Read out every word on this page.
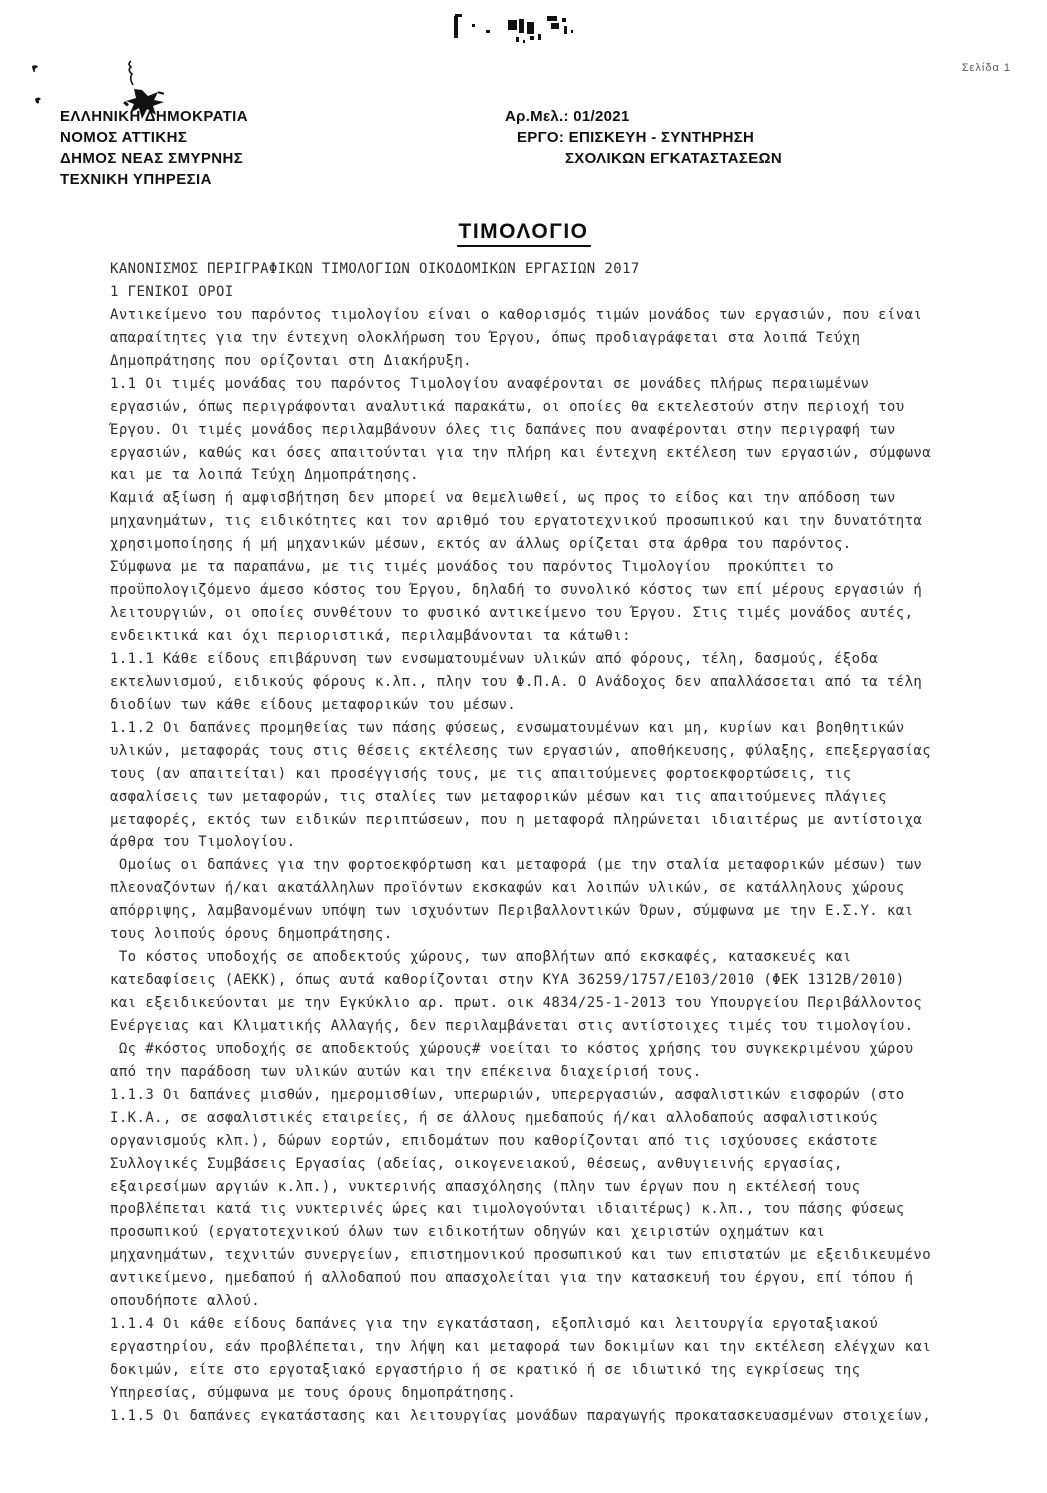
Σελίδα 1
ΕΛΛΗΝΙΚΗ ΔΗΜΟΚΡΑΤΙΑ
ΝΟΜΟΣ ΑΤΤΙΚΗΣ
ΔΗΜΟΣ ΝΕΑΣ ΣΜΥΡΝΗΣ
ΤΕΧΝΙΚΗ ΥΠΗΡΕΣΙΑ
Αρ.Μελ.: 01/2021
ΕΡΓΟ: ΕΠΙΣΚΕΥΗ - ΣΥΝΤΗΡΗΣΗ
ΣΧΟΛΙΚΩΝ ΕΓΚΑΤΑΣΤΑΣΕΩΝ
ΤΙΜΟΛΟΓΙΟ
ΚΑΝΟΝΙΣΜΟΣ ΠΕΡΙΓΡΑΦΙΚΩΝ ΤΙΜΟΛΟΓΙΩΝ ΟΙΚΟΔΟΜΙΚΩΝ ΕΡΓΑΣΙΩΝ 2017
1 ΓΕΝΙΚΟΙ ΟΡΟΙ
Αντικείμενο του παρόντος τιμολογίου είναι ο καθορισμός τιμών μονάδος των εργασιών, που είναι
απαραίτητες για την έντεχνη ολοκλήρωση του Έργου, όπως προδιαγράφεται στα λοιπά Τεύχη
Δημοπράτησης που ορίζονται στη Διακήρυξη.
1.1 Οι τιμές μονάδας του παρόντος Τιμολογίου αναφέρονται σε μονάδες πλήρως περαιωμένων
εργασιών, όπως περιγράφονται αναλυτικά παρακάτω, οι οποίες θα εκτελεστούν στην περιοχή του
Έργου. Οι τιμές μονάδος περιλαμβάνουν όλες τις δαπάνες που αναφέρονται στην περιγραφή των
εργασιών, καθώς και όσες απαιτούνται για την πλήρη και έντεχνη εκτέλεση των εργασιών, σύμφωνα
και με τα λοιπά Τεύχη Δημοπράτησης.
Καμιά αξίωση ή αμφισβήτηση δεν μπορεί να θεμελιωθεί, ως προς το είδος και την απόδοση των
μηχανημάτων, τις ειδικότητες και τον αριθμό του εργατοτεχνικού προσωπικού και την δυνατότητα
χρησιμοποίησης ή μή μηχανικών μέσων, εκτός αν άλλως ορίζεται στα άρθρα του παρόντος.
Σύμφωνα με τα παραπάνω, με τις τιμές μονάδος του παρόντος Τιμολογίου  προκύπτει το
προϋπολογιζόμενο άμεσο κόστος του Έργου, δηλαδή το συνολικό κόστος των επί μέρους εργασιών ή
λειτουργιών, οι οποίες συνθέτουν το φυσικό αντικείμενο του Έργου. Στις τιμές μονάδος αυτές,
ενδεικτικά και όχι περιοριστικά, περιλαμβάνονται τα κάτωθι:
1.1.1 Κάθε είδους επιβάρυνση των ενσωματουμένων υλικών από φόρους, τέλη, δασμούς, έξοδα
εκτελωνισμού, ειδικούς φόρους κ.λπ., πλην του Φ.Π.Α. Ο Ανάδοχος δεν απαλλάσσεται από τα τέλη
διοδίων των κάθε είδους μεταφορικών του μέσων.
1.1.2 Οι δαπάνες προμηθείας των πάσης φύσεως, ενσωματουμένων και μη, κυρίων και βοηθητικών
υλικών, μεταφοράς τους στις θέσεις εκτέλεσης των εργασιών, αποθήκευσης, φύλαξης, επεξεργασίας
τους (αν απαιτείται) και προσέγγισής τους, με τις απαιτούμενες φορτοεκφορτώσεις, τις
ασφαλίσεις των μεταφορών, τις σταλίες των μεταφορικών μέσων και τις απαιτούμενες πλάγιες
μεταφορές, εκτός των ειδικών περιπτώσεων, που η μεταφορά πληρώνεται ιδιαιτέρως με αντίστοιχα
άρθρα του Τιμολογίου.
Ομοίως οι δαπάνες για την φορτοεκφόρτωση και μεταφορά (με την σταλία μεταφορικών μέσων) των
πλεοναζόντων ή/και ακατάλληλων προϊόντων εκσκαφών και λοιπών υλικών, σε κατάλληλους χώρους
απόρριψης, λαμβανομένων υπόψη των ισχυόντων Περιβαλλοντικών Όρων, σύμφωνα με την Ε.Σ.Υ. και
τους λοιπούς όρους δημοπράτησης.
Το κόστος υποδοχής σε αποδεκτούς χώρους, των αποβλήτων από εκσκαφές, κατασκευές και
κατεδαφίσεις (ΑΕΚΚ), όπως αυτά καθορίζονται στην ΚΥΑ 36259/1757/Ε103/2010 (ΦΕΚ 1312Β/2010)
και εξειδικεύονται με την Εγκύκλιο αρ. πρωτ. οικ 4834/25-1-2013 του Υπουργείου Περιβάλλοντος
Ενέργειας και Κλιματικής Αλλαγής, δεν περιλαμβάνεται στις αντίστοιχες τιμές του τιμολογίου.
Ως #κόστος υποδοχής σε αποδεκτούς χώρους# νοείται το κόστος χρήσης του συγκεκριμένου χώρου
από την παράδοση των υλικών αυτών και την επέκεινα διαχείρισή τους.
1.1.3 Οι δαπάνες μισθών, ημερομισθίων, υπερωριών, υπερεργασιών, ασφαλιστικών εισφορών (στο
Ι.Κ.Α., σε ασφαλιστικές εταιρείες, ή σε άλλους ημεδαπούς ή/και αλλοδαπούς ασφαλιστικούς
οργανισμούς κλπ.), δώρων εορτών, επιδομάτων που καθορίζονται από τις ισχύουσες εκάστοτε
Συλλογικές Συμβάσεις Εργασίας (αδείας, οικογενειακού, θέσεως, ανθυγιεινής εργασίας,
εξαιρεσίμων αργιών κ.λπ.), νυκτερινής απασχόλησης (πλην των έργων που η εκτέλεσή τους
προβλέπεται κατά τις νυκτερινές ώρες και τιμολογούνται ιδιαιτέρως) κ.λπ., του πάσης φύσεως
προσωπικού (εργατοτεχνικού όλων των ειδικοτήτων οδηγών και χειριστών οχημάτων και
μηχανημάτων, τεχνιτών συνεργείων, επιστημονικού προσωπικού και των επιστατών με εξειδικευμένο
αντικείμενο, ημεδαπού ή αλλοδαπού που απασχολείται για την κατασκευή του έργου, επί τόπου ή
οπουδήποτε αλλού.
1.1.4 Οι κάθε είδους δαπάνες για την εγκατάσταση, εξοπλισμό και λειτουργία εργοταξιακού
εργαστηρίου, εάν προβλέπεται, την λήψη και μεταφορά των δοκιμίων και την εκτέλεση ελέγχων και
δοκιμών, είτε στο εργοταξιακό εργαστήριο ή σε κρατικό ή σε ιδιωτικό της εγκρίσεως της
Υπηρεσίας, σύμφωνα με τους όρους δημοπράτησης.
1.1.5 Οι δαπάνες εγκατάστασης και λειτουργίας μονάδων παραγωγής προκατασκευασμένων στοιχείων,
